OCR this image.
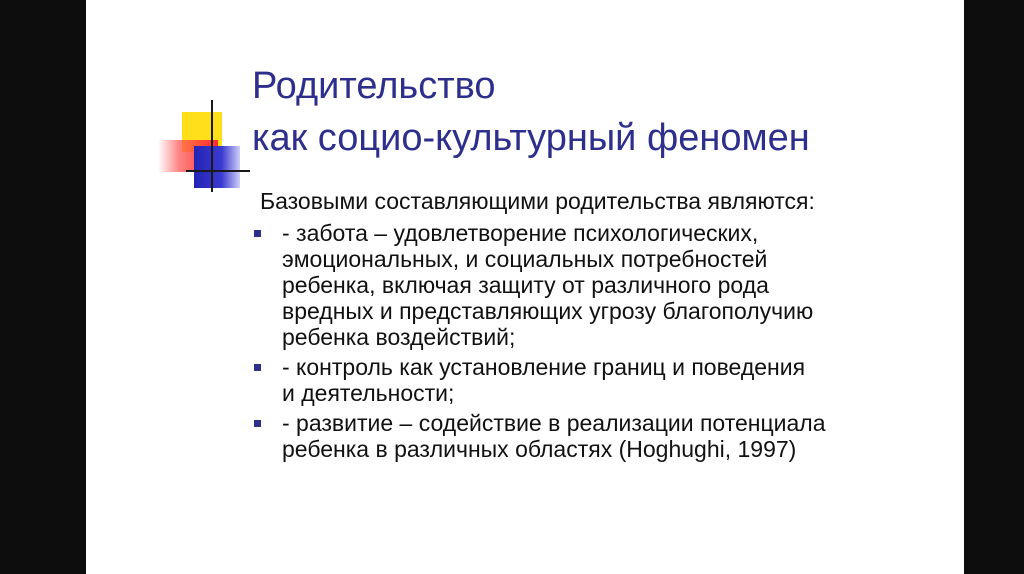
Родительство
как социо-культурный феномен

Базовыми составляющими родительства являются:

- забота – удовлетворение психологических,
эмоциональных, и социальных потребностей
ребенка, включая защиту от различного рода
вредных и представляющих угрозу благополучию
ребенка воздействий;
- контроль как установление границ и поведения
и деятельности;
- развитие – содействие в реализации потенциала
ребенка в различных областях (Hoghughi, 1997)
